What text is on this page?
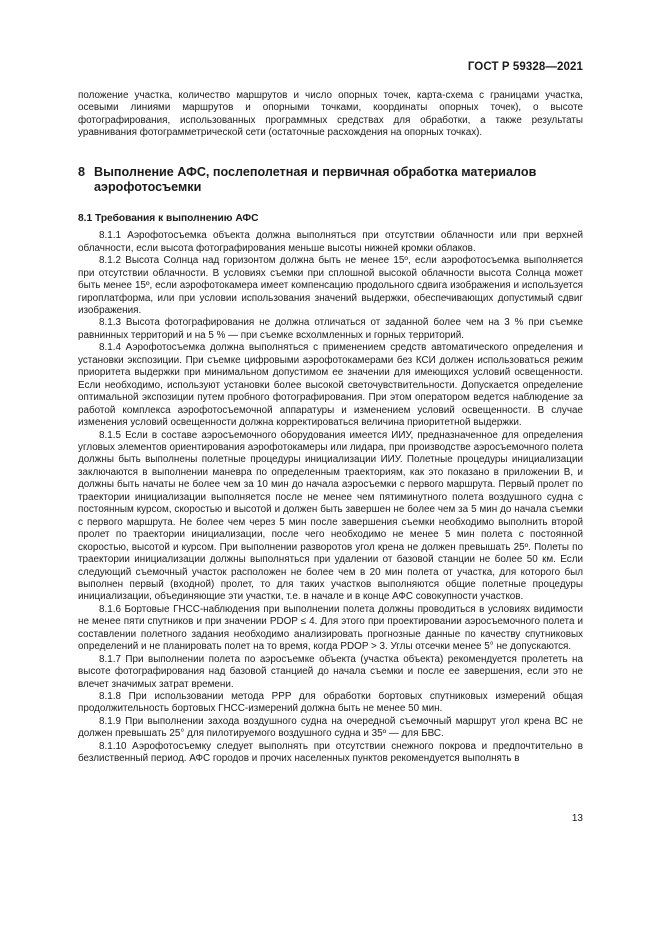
ГОСТ Р 59328—2021

положение участка, количество маршрутов и число опорных точек, карта-схема с границами участка, осевыми линиями маршрутов и опорными точками, координаты опорных точек), о высоте фотографирования, использованных программных средствах для обработки, а также результаты уравнивания фотограмметрической сети (остаточные расхождения на опорных точках).

8 Выполнение АФС, послеполетная и первичная обработка материалов аэрофотосъемки

8.1 Требования к выполнению АФС

8.1.1 Аэрофотосъемка объекта должна выполняться при отсутствии облачности или при верхней облачности, если высота фотографирования меньше высоты нижней кромки облаков.

8.1.2 Высота Солнца над горизонтом должна быть не менее 15º, если аэрофотосъемка выполняется при отсутствии облачности. В условиях съемки при сплошной высокой облачности высота Солнца может быть менее 15º, если аэрофотокамера имеет компенсацию продольного сдвига изображения и используется гироплатформа, или при условии использования значений выдержки, обеспечивающих допустимый сдвиг изображения.

8.1.3 Высота фотографирования не должна отличаться от заданной более чем на 3 % при съемке равнинных территорий и на 5 % — при съемке всхолмленных и горных территорий.

8.1.4 Аэрофотосъемка должна выполняться с применением средств автоматического определения и установки экспозиции. При съемке цифровыми аэрофотокамерами без КСИ должен использоваться режим приоритета выдержки при минимальном допустимом ее значении для имеющихся условий освещенности. Если необходимо, используют установки более высокой светочувствительности. Допускается определение оптимальной экспозиции путем пробного фотографирования. При этом оператором ведется наблюдение за работой комплекса аэрофотосъемочной аппаратуры и изменением условий освещенности. В случае изменения условий освещенности должна корректироваться величина приоритетной выдержки.

8.1.5 Если в составе аэросъемочного оборудования имеется ИИУ, предназначенное для определения угловых элементов ориентирования аэрофотокамеры или лидара, при производстве аэросъемочного полета должны быть выполнены полетные процедуры инициализации ИИУ. Полетные процедуры инициализации заключаются в выполнении маневра по определенным траекториям, как это показано в приложении В, и должны быть начаты не более чем за 10 мин до начала аэросъемки с первого маршрута. Первый пролет по траектории инициализации выполняется после не менее чем пятиминутного полета воздушного судна с постоянным курсом, скоростью и высотой и должен быть завершен не более чем за 5 мин до начала съемки с первого маршрута. Не более чем через 5 мин после завершения съемки необходимо выполнить второй пролет по траектории инициализации, после чего необходимо не менее 5 мин полета с постоянной скоростью, высотой и курсом. При выполнении разворотов угол крена не должен превышать 25º. Полеты по траектории инициализации должны выполняться при удалении от базовой станции не более 50 км. Если следующий съемочный участок расположен не более чем в 20 мин полета от участка, для которого был выполнен первый (входной) пролет, то для таких участков выполняются общие полетные процедуры инициализации, объединяющие эти участки, т.е. в начале и в конце АФС совокупности участков.

8.1.6 Бортовые ГНСС-наблюдения при выполнении полета должны проводиться в условиях видимости не менее пяти спутников и при значении PDOP ≤ 4. Для этого при проектировании аэросъемочного полета и составлении полетного задания необходимо анализировать прогнозные данные по качеству спутниковых определений и не планировать полет на то время, когда PDOP > 3. Углы отсечки менее 5° не допускаются.

8.1.7 При выполнении полета по аэросъемке объекта (участка объекта) рекомендуется пролететь на высоте фотографирования над базовой станцией до начала съемки и после ее завершения, если это не влечет значимых затрат времени.

8.1.8 При использовании метода PPP для обработки бортовых спутниковых измерений общая продолжительность бортовых ГНСС-измерений должна быть не менее 50 мин.

8.1.9 При выполнении захода воздушного судна на очередной съемочный маршрут угол крена ВС не должен превышать 25° для пилотируемого воздушного судна и 35º — для БВС.

8.1.10 Аэрофотосъемку следует выполнять при отсутствии снежного покрова и предпочтительно в безлиственный период. АФС городов и прочих населенных пунктов рекомендуется выполнять в

13
